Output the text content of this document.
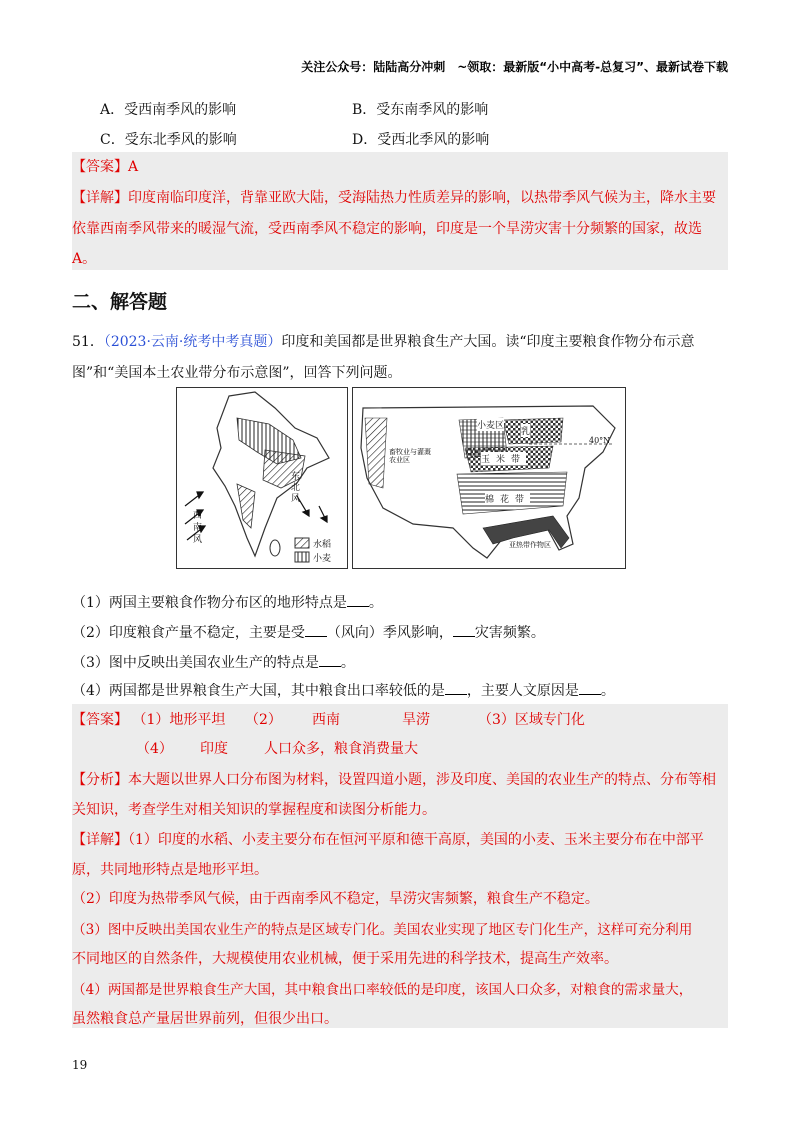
关注公众号：陆陆高分冲刺　~领取：最新版“小中高考-总复习”、最新试卷下载
A．受西南季风的影响	B．受东南季风的影响
C．受东北季风的影响	D．受西北季风的影响
【答案】A
【详解】印度南临印度洋，背靠亚欧大陆，受海陆热力性质差异的影响，以热带季风气候为主，降水主要
依靠西南季风带来的暖湿气流，受西南季风不稳定的影响，印度是一个旱涝灾害十分频繁的国家，故选
A。
二、解答题
51．（2023·云南·统考中考真题）印度和美国都是世界粮食生产大国。读“印度主要粮食作物分布示意
图”和“美国本土农业带分布示意图”，回答下列问题。
西南风
东北风
水稻
小麦
小麦区
乳
玉米带
棉花带
畜牧业与灌溉农业区
亚热带作物区
40°N
（1）两国主要粮食作物分布区的地形特点是 。
（2）印度粮食产量不稳定，主要是受 （风向）季风影响， 灾害频繁。
（3）图中反映出美国农业生产的特点是 。
（4）两国都是世界粮食生产大国，其中粮食出口率较低的是 ，主要人文原因是 。
【答案】 （1）地形平坦 （2） 西南	旱涝	（3）区域专门化
（4） 印度	人口众多，粮食消费量大
【分析】本大题以世界人口分布图为材料，设置四道小题，涉及印度、美国的农业生产的特点、分布等相
关知识，考查学生对相关知识的掌握程度和读图分析能力。
【详解】（1）印度的水稻、小麦主要分布在恒河平原和德干高原，美国的小麦、玉米主要分布在中部平
原，共同地形特点是地形平坦。
（2）印度为热带季风气候，由于西南季风不稳定，旱涝灾害频繁，粮食生产不稳定。
（3）图中反映出美国农业生产的特点是区域专门化。美国农业实现了地区专门化生产，这样可充分利用
不同地区的自然条件，大规模使用农业机械，便于采用先进的科学技术，提高生产效率。
（4）两国都是世界粮食生产大国，其中粮食出口率较低的是印度，该国人口众多，对粮食的需求量大，
虽然粮食总产量居世界前列，但很少出口。
19
